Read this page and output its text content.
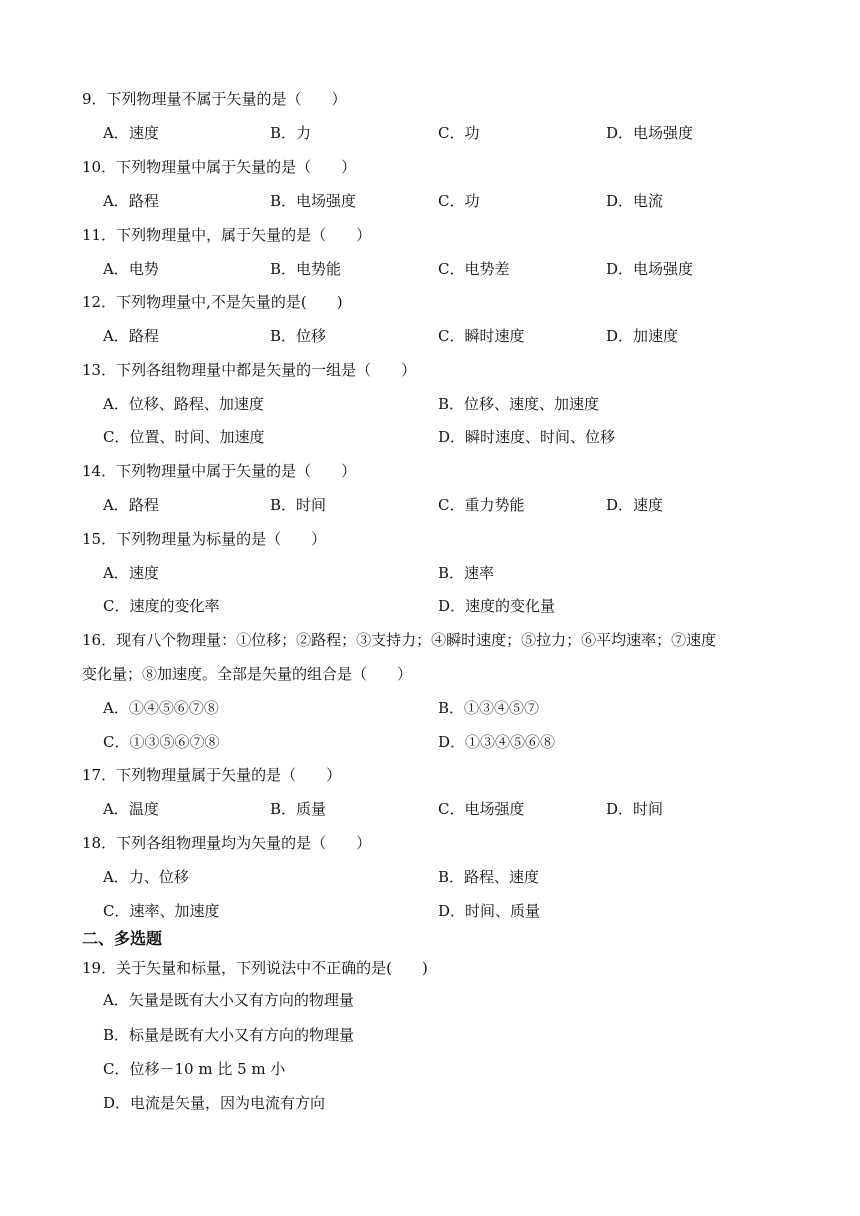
9．下列物理量不属于矢量的是（　　）
A．速度	B．力	C．功	D．电场强度
10．下列物理量中属于矢量的是（　　）
A．路程	B．电场强度	C．功	D．电流
11．下列物理量中，属于矢量的是（　　）
A．电势	B．电势能	C．电势差	D．电场强度
12．下列物理量中,不是矢量的是(　　)
A．路程	B．位移	C．瞬时速度	D．加速度
13．下列各组物理量中都是矢量的一组是（　　）
A．位移、路程、加速度	B．位移、速度、加速度
C．位置、时间、加速度	D．瞬时速度、时间、位移
14．下列物理量中属于矢量的是（　　）
A．路程	B．时间	C．重力势能	D．速度
15．下列物理量为标量的是（　　）
A．速度	B．速率
C．速度的变化率	D．速度的变化量
16．现有八个物理量：①位移；②路程；③支持力；④瞬时速度；⑤拉力；⑥平均速率；⑦速度
变化量；⑧加速度。全部是矢量的组合是（　　）
A．①④⑤⑥⑦⑧	B．①③④⑤⑦
C．①③⑤⑥⑦⑧	D．①③④⑤⑥⑧
17．下列物理量属于矢量的是（　　）
A．温度	B．质量	C．电场强度	D．时间
18．下列各组物理量均为矢量的是（　　）
A．力、位移	B．路程、速度
C．速率、加速度	D．时间、质量
二、多选题
19．关于矢量和标量，下列说法中不正确的是(　　)
A．矢量是既有大小又有方向的物理量
B．标量是既有大小又有方向的物理量
C．位移－10 m 比 5 m 小
D．电流是矢量，因为电流有方向
